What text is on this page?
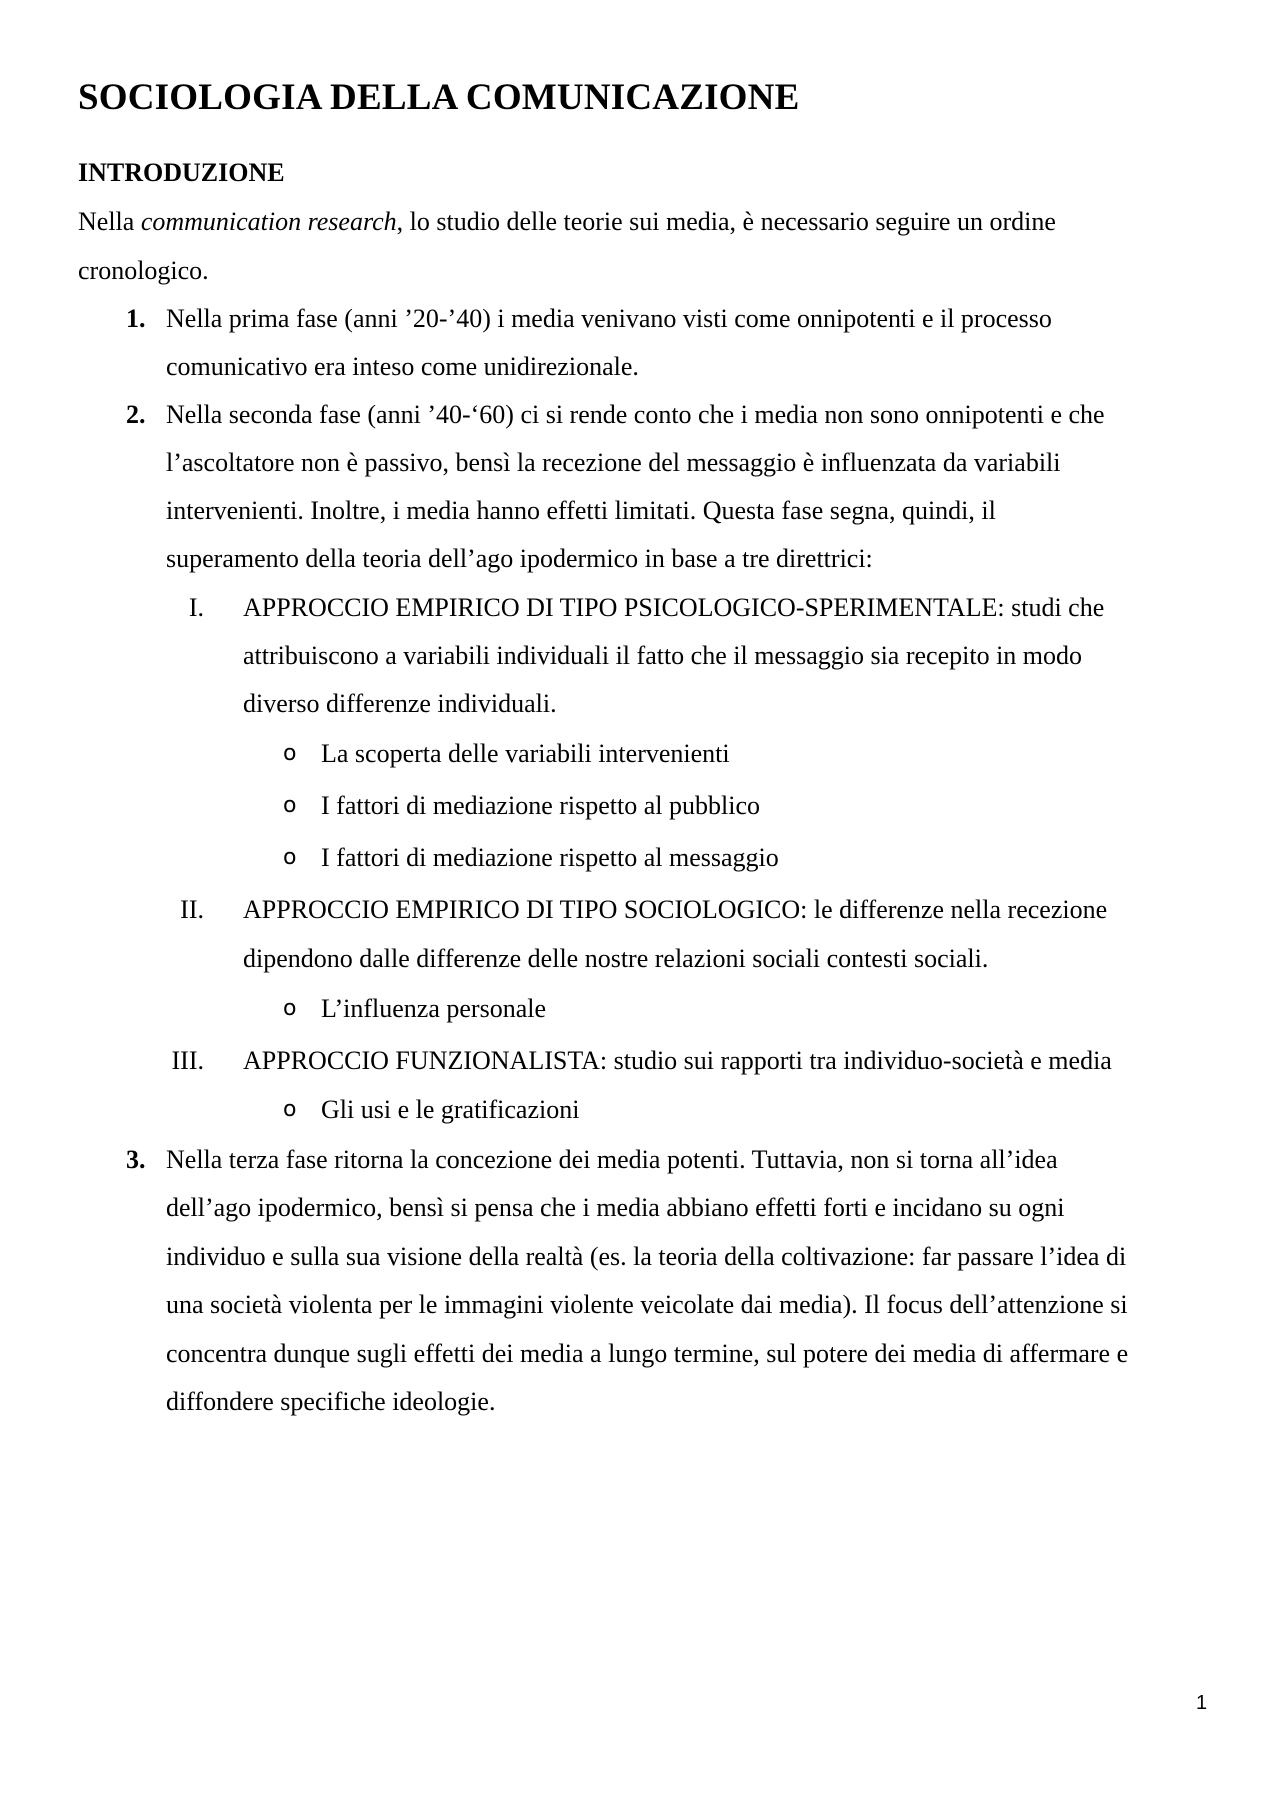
SOCIOLOGIA DELLA COMUNICAZIONE
INTRODUZIONE
Nella communication research, lo studio delle teorie sui media, è necessario seguire un ordine
cronologico.
1. Nella prima fase (anni ’20-’40) i media venivano visti come onnipotenti e il processo
comunicativo era inteso come unidirezionale.
2. Nella seconda fase (anni ’40-‘60) ci si rende conto che i media non sono onnipotenti e che
l’ascoltatore non è passivo, bensì la recezione del messaggio è influenzata da variabili
intervenienti. Inoltre, i media hanno effetti limitati. Questa fase segna, quindi, il
superamento della teoria dell’ago ipodermico in base a tre direttrici:
I. APPROCCIO EMPIRICO DI TIPO PSICOLOGICO-SPERIMENTALE: studi che
attribuiscono a variabili individuali il fatto che il messaggio sia recepito in modo
diverso differenze individuali.
o La scoperta delle variabili intervenienti
o I fattori di mediazione rispetto al pubblico
o I fattori di mediazione rispetto al messaggio
II. APPROCCIO EMPIRICO DI TIPO SOCIOLOGICO: le differenze nella recezione
dipendono dalle differenze delle nostre relazioni sociali contesti sociali.
o L’influenza personale
III. APPROCCIO FUNZIONALISTA: studio sui rapporti tra individuo-società e media
o Gli usi e le gratificazioni
3. Nella terza fase ritorna la concezione dei media potenti. Tuttavia, non si torna all’idea
dell’ago ipodermico, bensì si pensa che i media abbiano effetti forti e incidano su ogni
individuo e sulla sua visione della realtà (es. la teoria della coltivazione: far passare l’idea di
una società violenta per le immagini violente veicolate dai media). Il focus dell’attenzione si
concentra dunque sugli effetti dei media a lungo termine, sul potere dei media di affermare e
diffondere specifiche ideologie.
1
